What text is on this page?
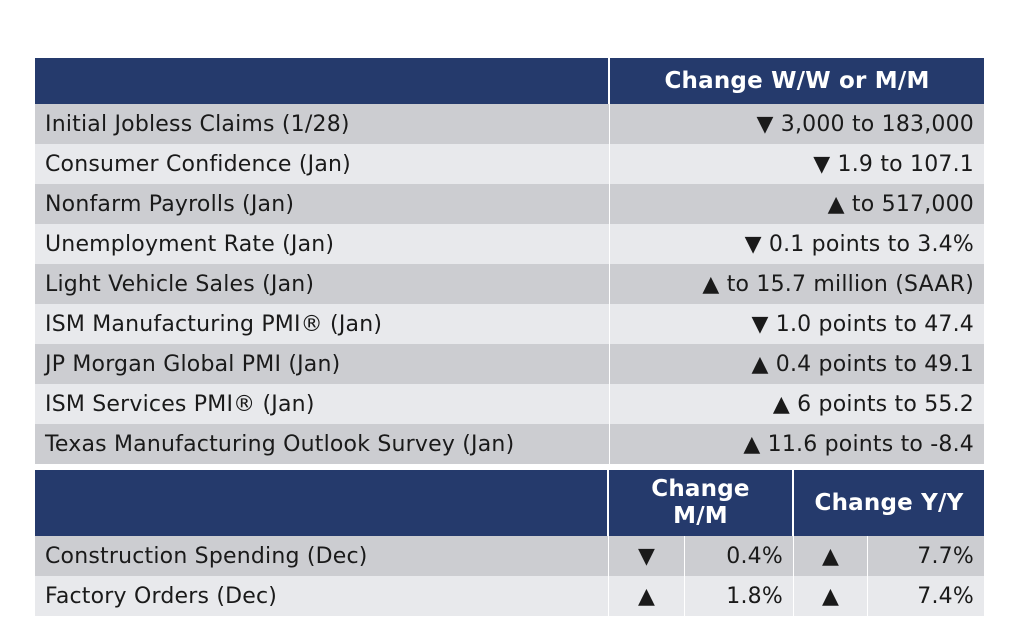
Change W/W or M/M
Initial Jobless Claims (1/28)	▼ 3,000 to 183,000
Consumer Confidence (Jan)	▼ 1.9 to 107.1
Nonfarm Payrolls (Jan)	▲ to 517,000
Unemployment Rate (Jan)	▼ 0.1 points to 3.4%
Light Vehicle Sales (Jan)	▲ to 15.7 million (SAAR)
ISM Manufacturing PMI® (Jan)	▼ 1.0 points to 47.4
JP Morgan Global PMI (Jan)	▲ 0.4 points to 49.1
ISM Services PMI® (Jan)	▲ 6 points to 55.2
Texas Manufacturing Outlook Survey (Jan)	▲ 11.6 points to -8.4
Change M/M	Change Y/Y
Construction Spending (Dec)	▼	0.4%	▲	7.7%
Factory Orders (Dec)	▲	1.8%	▲	7.4%
